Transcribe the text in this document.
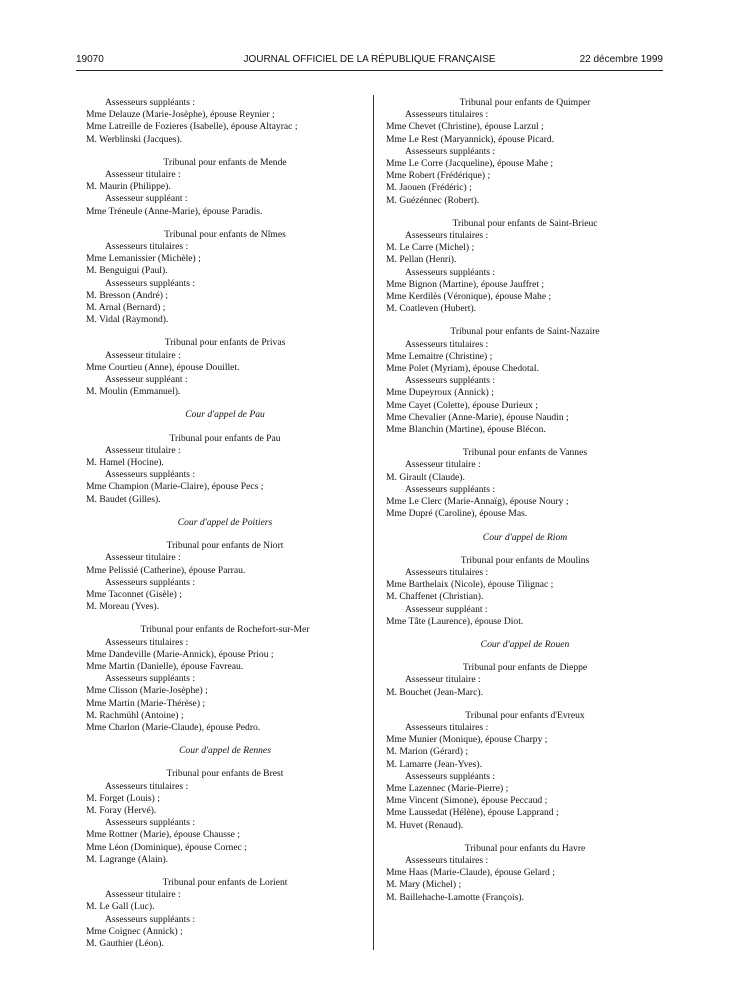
19070	JOURNAL OFFICIEL DE LA RÉPUBLIQUE FRANÇAISE	22 décembre 1999
Assesseurs suppléants :
Mme Delauze (Marie-Josèphe), épouse Reynier ;
Mme Latreille de Fozieres (Isabelle), épouse Altayrac ;
M. Werblinski (Jacques).
Tribunal pour enfants de Mende
Assesseur titulaire :
M. Maurin (Philippe).
Assesseur suppléant :
Mme Tréneule (Anne-Marie), épouse Paradis.
Tribunal pour enfants de Nîmes
Assesseurs titulaires :
Mme Lemanissier (Michèle) ;
M. Benguigui (Paul).
Assesseurs suppléants :
M. Bresson (André) ;
M. Arnal (Bernard) ;
M. Vidal (Raymond).
Tribunal pour enfants de Privas
Assesseur titulaire :
Mme Courtieu (Anne), épouse Douillet.
Assesseur suppléant :
M. Moulin (Emmanuel).
Cour d'appel de Pau
Tribunal pour enfants de Pau
Assesseur titulaire :
M. Hamel (Hocine).
Assesseurs suppléants :
Mme Champion (Marie-Claire), épouse Pecs ;
M. Baudet (Gilles).
Cour d'appel de Poitiers
Tribunal pour enfants de Niort
Assesseur titulaire :
Mme Pelissié (Catherine), épouse Parrau.
Assesseurs suppléants :
Mme Taconnet (Gisèle) ;
M. Moreau (Yves).
Tribunal pour enfants de Rochefort-sur-Mer
Assesseurs titulaires :
Mme Dandeville (Marie-Annick), épouse Priou ;
Mme Martin (Danielle), épouse Favreau.
Assesseurs suppléants :
Mme Clisson (Marie-Josèphe) ;
Mme Martin (Marie-Thérèse) ;
M. Rachmühl (Antoine) ;
Mme Charlon (Marie-Claude), épouse Pedro.
Cour d'appel de Rennes
Tribunal pour enfants de Brest
Assesseurs titulaires :
M. Forget (Louis) ;
M. Foray (Hervé).
Assesseurs suppléants :
Mme Rottner (Marie), épouse Chausse ;
Mme Léon (Dominique), épouse Cornec ;
M. Lagrange (Alain).
Tribunal pour enfants de Lorient
Assesseur titulaire :
M. Le Gall (Luc).
Assesseurs suppléants :
Mme Coignec (Annick) ;
M. Gauthier (Léon).
Tribunal pour enfants de Quimper
Assesseurs titulaires :
Mme Chevet (Christine), épouse Larzul ;
Mme Le Rest (Maryannick), épouse Picard.
Assesseurs suppléants :
Mme Le Corre (Jacqueline), épouse Mahe ;
Mme Robert (Frédérique) ;
M. Jaouen (Frédéric) ;
M. Guézénnec (Robert).
Tribunal pour enfants de Saint-Brieuc
Assesseurs titulaires :
M. Le Carre (Michel) ;
M. Pellan (Henri).
Assesseurs suppléants :
Mme Bignon (Martine), épouse Jauffret ;
Mme Kerdilès (Véronique), épouse Mahe ;
M. Coatleven (Hubert).
Tribunal pour enfants de Saint-Nazaire
Assesseurs titulaires :
Mme Lemaitre (Christine) ;
Mme Polet (Myriam), épouse Chedotal.
Assesseurs suppléants :
Mme Dupeyroux (Annick) ;
Mme Cayet (Colette), épouse Durieux ;
Mme Chevalier (Anne-Marie), épouse Naudin ;
Mme Blanchin (Martine), épouse Blécon.
Tribunal pour enfants de Vannes
Assesseur titulaire :
M. Girault (Claude).
Assesseurs suppléants :
Mme Le Clerc (Marie-Annaïg), épouse Noury ;
Mme Dupré (Caroline), épouse Mas.
Cour d'appel de Riom
Tribunal pour enfants de Moulins
Assesseurs titulaires :
Mme Barthelaix (Nicole), épouse Tilignac ;
M. Chaffenet (Christian).
Assesseur suppléant :
Mme Tâte (Laurence), épouse Diot.
Cour d'appel de Rouen
Tribunal pour enfants de Dieppe
Assesseur titulaire :
M. Bouchet (Jean-Marc).
Tribunal pour enfants d'Evreux
Assesseurs titulaires :
Mme Munier (Monique), épouse Charpy ;
M. Marion (Gérard) ;
M. Lamarre (Jean-Yves).
Assesseurs suppléants :
Mme Lazennec (Marie-Pierre) ;
Mme Vincent (Simone), épouse Peccaud ;
Mme Laussedat (Hélène), épouse Lapprand ;
M. Huvet (Renaud).
Tribunal pour enfants du Havre
Assesseurs titulaires :
Mme Haas (Marie-Claude), épouse Gelard ;
M. Mary (Michel) ;
M. Baillehache-Lamotte (François).
